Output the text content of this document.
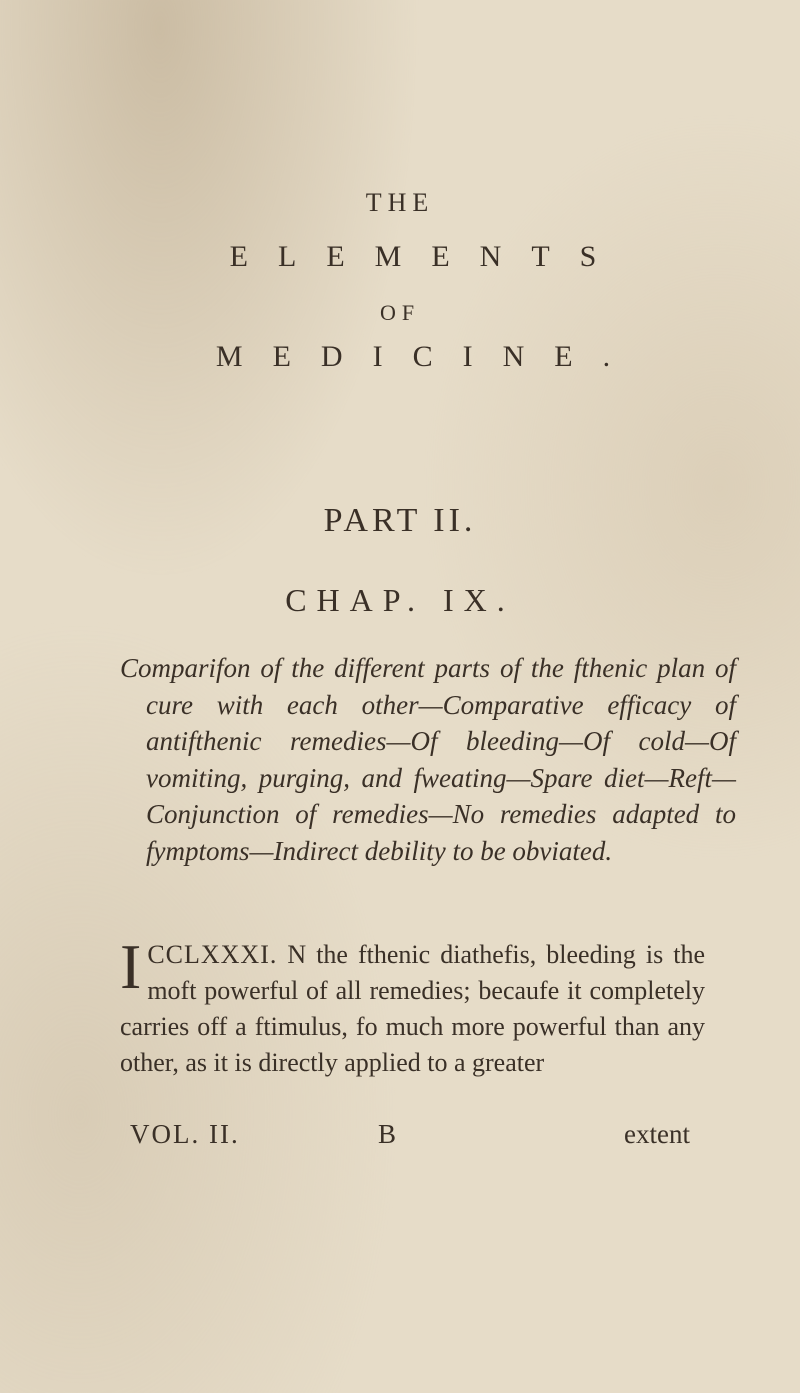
THE
ELEMENTS
OF
MEDICINE.
PART II.
CHAP. IX.
Comparifon of the different parts of the fthenic plan of cure with each other—Comparative efficacy of antifthenic remedies—Of bleeding—Of cold—Of vomiting, purging, and fweating—Spare diet—Reft—Conjunction of remedies—No remedies adapted to fymptoms—Indirect debility to be obviated.
CCLXXXI.
I	N the fthenic diathefis, bleeding is the moft powerful of all remedies; becaufe it completely carries off a ftimulus, fo much more powerful than any other, as it is directly applied to a greater
VOL. II.	B	extent
